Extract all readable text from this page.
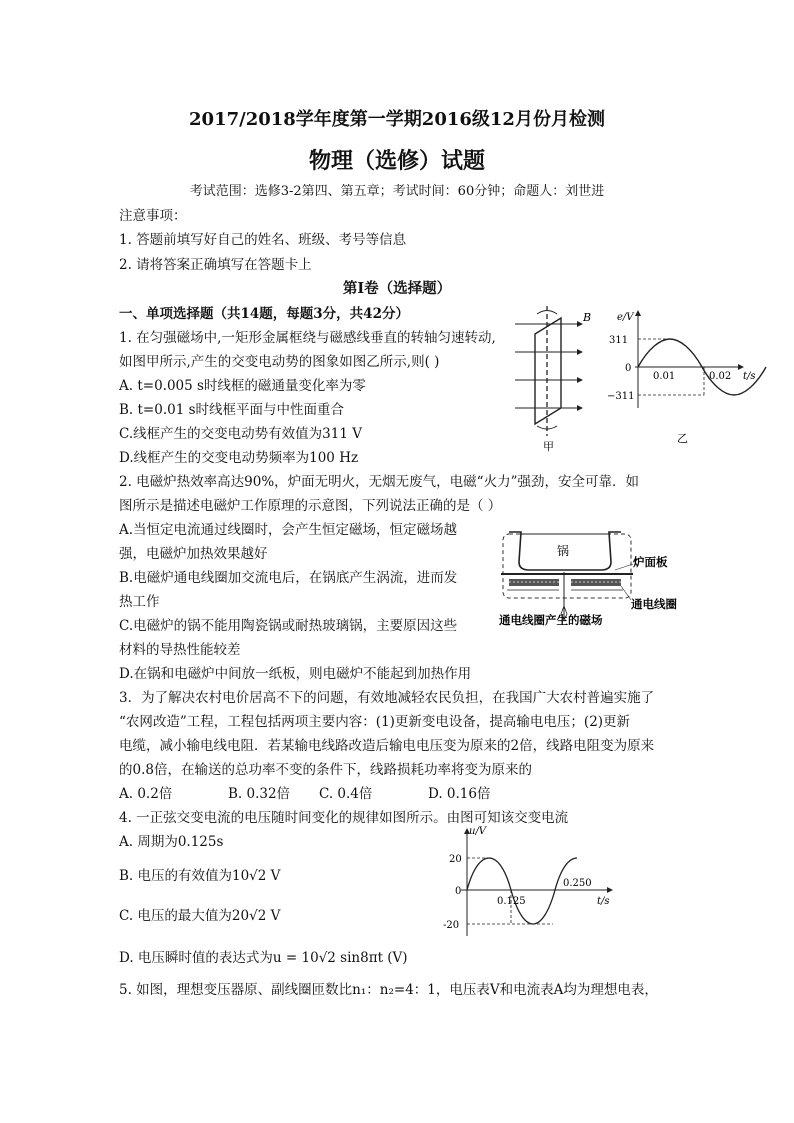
2017/2018学年度第一学期2016级12月份月检测
物理（选修）试题
考试范围：选修3-2第四、第五章；考试时间：60分钟；命题人：刘世进
注意事项：
1. 答题前填写好自己的姓名、班级、考号等信息
2. 请将答案正确填写在答题卡上
第Ⅰ卷（选择题）
一、单项选择题（共14题，每题3分，共42分）
1. 在匀强磁场中,一矩形金属框绕与磁感线垂直的转轴匀速转动,
如图甲所示,产生的交变电动势的图象如图乙所示,则( )
A. t=0.005 s时线框的磁通量变化率为零
B. t=0.01 s时线框平面与中性面重合
C.线框产生的交变电动势有效值为311 V
D.线框产生的交变电动势频率为100 Hz
B
甲
e/V
311
0
−311
0.01	0.02 t/s
乙
2. 电磁炉热效率高达90%，炉面无明火，无烟无废气，电磁“火力”强劲，安全可靠．如
图所示是描述电磁炉工作原理的示意图，下列说法正确的是（ ）
A.当恒定电流通过线圈时，会产生恒定磁场，恒定磁场越
强，电磁炉加热效果越好
B.电磁炉通电线圈加交流电后，在锅底产生涡流，进而发
热工作
C.电磁炉的锅不能用陶瓷锅或耐热玻璃锅，主要原因这些
材料的导热性能较差
D.在锅和电磁炉中间放一纸板，则电磁炉不能起到加热作用
锅
炉面板
通电线圈
通电线圈产生的磁场
3．为了解决农村电价居高不下的问题，有效地减轻农民负担，在我国广大农村普遍实施了
“农网改造”工程，工程包括两项主要内容：(1)更新变电设备，提高输电电压；(2)更新
电缆，减小输电线电阻．若某输电线路改造后输电电压变为原来的2倍，线路电阻变为原来
的0.8倍，在输送的总功率不变的条件下，线路损耗功率将变为原来的
A. 0.2倍	B. 0.32倍 C. 0.4倍	D. 0.16倍
4. 一正弦交变电流的电压随时间变化的规律如图所示。由图可知该交变电流
A. 周期为0.125s
B. 电压的有效值为10√2 V
C. 电压的最大值为20√2 V
D. 电压瞬时值的表达式为u = 10√2 sin8πt (V)
u/V
20
0
-20
0.125
0.250
t/s
5. 如图，理想变压器原、副线圈匝数比n₁：n₂=4：1，电压表V和电流表A均为理想电表，
